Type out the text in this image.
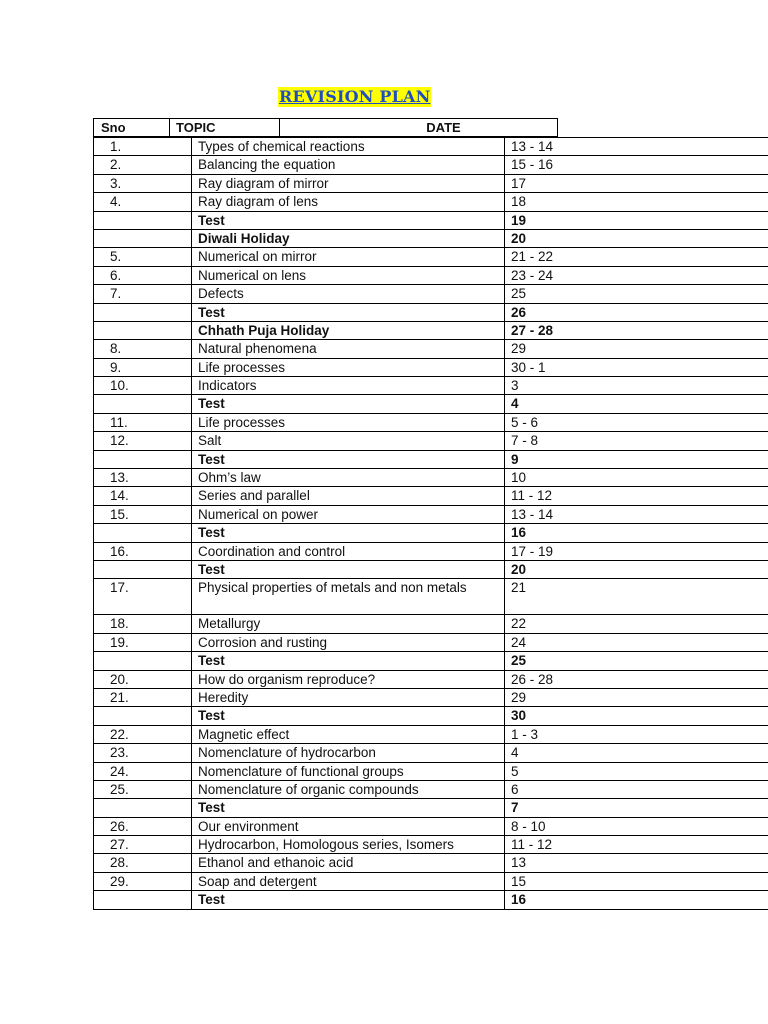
REVISION PLAN
Sno	TOPIC	DATE
1.	Types of chemical reactions	13 - 14
2.	Balancing the equation	15 - 16
3.	Ray diagram of mirror	17
4.	Ray diagram of lens	18
	Test	19
	Diwali Holiday	20
5.	Numerical on mirror	21 - 22
6.	Numerical on lens	23 - 24
7.	Defects	25
	Test	26
	Chhath Puja Holiday	27 - 28
8.	Natural phenomena	29
9.	Life processes	30 - 1
10.	Indicators	3
	Test	4
11.	Life processes	5 - 6
12.	Salt	7 - 8
	Test	9
13.	Ohm’s law	10
14.	Series and parallel	11 - 12
15.	Numerical on power	13 - 14
	Test	16
16.	Coordination and control	17 - 19
	Test	20
17.	Physical properties of metals and non metals	21
18.	Metallurgy	22
19.	Corrosion and rusting	24
	Test	25
20.	How do organism reproduce?	26 - 28
21.	Heredity	29
	Test	30
22.	Magnetic effect	1 - 3
23.	Nomenclature of hydrocarbon	4
24.	Nomenclature of functional groups	5
25.	Nomenclature of organic compounds	6
	Test	7
26.	Our environment	8 - 10
27.	Hydrocarbon, Homologous series, Isomers	11 - 12
28.	Ethanol and ethanoic acid	13
29.	Soap and detergent	15
	Test	16
